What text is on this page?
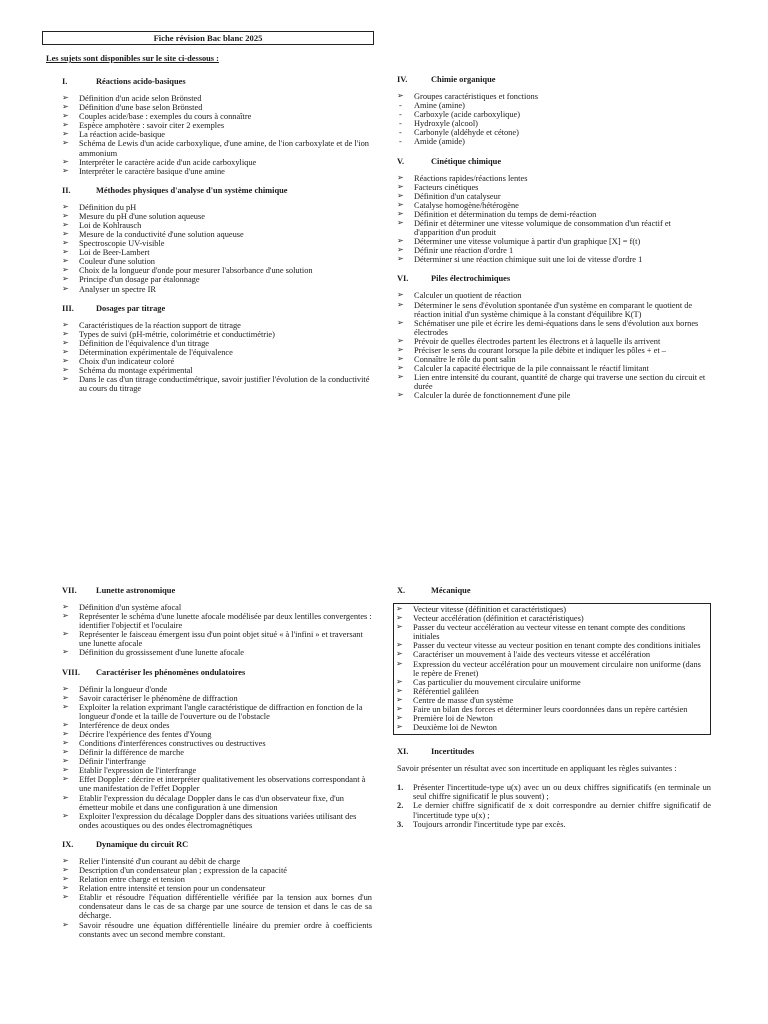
Fiche révision Bac blanc 2025
Les sujets sont disponibles sur le site ci-dessous :
I.	Réactions acido-basiques
➢ Définition d'un acide selon Brönsted
➢ Définition d'une base selon Brönsted
➢ Couples acide/base : exemples du cours à connaître
➢ Espèce amphotère : savoir citer 2 exemples
➢ La réaction acide-basique
➢ Schéma de Lewis d'un acide carboxylique, d'une amine, de l'ion carboxylate et de l'ion ammonium
➢ Interpréter le caractère acide d'un acide carboxylique
➢ Interpréter le caractère basique d'une amine
II.	Méthodes physiques d'analyse d'un système chimique
➢ Définition du pH
➢ Mesure du pH d'une solution aqueuse
➢ Loi de Kohlrausch
➢ Mesure de la conductivité d'une solution aqueuse
➢ Spectroscopie UV-visible
➢ Loi de Beer-Lambert
➢ Couleur d'une solution
➢ Choix de la longueur d'onde pour mesurer l'absorbance d'une solution
➢ Principe d'un dosage par étalonnage
➢ Analyser un spectre IR
III.	Dosages par titrage
➢ Caractéristiques de la réaction support de titrage
➢ Types de suivi (pH-métrie, colorimétrie et conductimétrie)
➢ Définition de l'équivalence d'un titrage
➢ Détermination expérimentale de l'équivalence
➢ Choix d'un indicateur coloré
➢ Schéma du montage expérimental
➢ Dans le cas d'un titrage conductimétrique, savoir justifier l'évolution de la conductivité au cours du titrage
IV.	Chimie organique
➢ Groupes caractéristiques et fonctions
- Amine (amine)
- Carboxyle (acide carboxylique)
- Hydroxyle (alcool)
- Carbonyle (aldéhyde et cétone)
- Amide (amide)
V.	Cinétique chimique
➢ Réactions rapides/réactions lentes
➢ Facteurs cinétiques
➢ Définition d'un catalyseur
➢ Catalyse homogène/hétérogène
➢ Définition et détermination du temps de demi-réaction
➢ Définir et déterminer une vitesse volumique de consommation d'un réactif et d'apparition d'un produit
➢ Déterminer une vitesse volumique à partir d'un graphique [X] = f(t)
➢ Définir une réaction d'ordre 1
➢ Déterminer si une réaction chimique suit une loi de vitesse d'ordre 1
VI.	Piles électrochimiques
➢ Calculer un quotient de réaction
➢ Déterminer le sens d'évolution spontanée d'un système en comparant le quotient de réaction initial d'un système chimique à la constant d'équilibre K(T)
➢ Schématiser une pile et écrire les demi-équations dans le sens d'évolution aux bornes électrodes
➢ Prévoir de quelles électrodes partent les électrons et à laquelle ils arrivent
➢ Préciser le sens du courant lorsque la pile débite et indiquer les pôles + et –
➢ Connaître le rôle du pont salin
➢ Calculer la capacité électrique de la pile connaissant le réactif limitant
➢ Lien entre intensité du courant, quantité de charge qui traverse une section du circuit et durée
➢ Calculer la durée de fonctionnement d'une pile
VII.	Lunette astronomique
➢ Définition d'un système afocal
➢ Représenter le schéma d'une lunette afocale modélisée par deux lentilles convergentes : identifier l'objectif et l'oculaire
➢ Représenter le faisceau émergent issu d'un point objet situé « à l'infini » et traversant une lunette afocale
➢ Définition du grossissement d'une lunette afocale
VIII.	Caractériser les phénomènes ondulatoires
➢ Définir la longueur d'onde
➢ Savoir caractériser le phénomène de diffraction
➢ Exploiter la relation exprimant l'angle caractéristique de diffraction en fonction de la longueur d'onde et la taille de l'ouverture ou de l'obstacle
➢ Interférence de deux ondes
➢ Décrire l'expérience des fentes d'Young
➢ Conditions d'interférences constructives ou destructives
➢ Définir la différence de marche
➢ Définir l'interfrange
➢ Etablir l'expression de l'interfrange
➢ Effet Doppler : décrire et interpréter qualitativement les observations correspondant à une manifestation de l'effet Doppler
➢ Etablir l'expression du décalage Doppler dans le cas d'un observateur fixe, d'un émetteur mobile et dans une configuration à une dimension
➢ Exploiter l'expression du décalage Doppler dans des situations variées utilisant des ondes acoustiques ou des ondes électromagnétiques
IX.	Dynamique du circuit RC
➢ Relier l'intensité d'un courant au débit de charge
➢ Description d'un condensateur plan ; expression de la capacité
➢ Relation entre charge et tension
➢ Relation entre intensité et tension pour un condensateur
➢ Etablir et résoudre l'équation différentielle vérifiée par la tension aux bornes d'un condensateur dans le cas de sa charge par une source de tension et dans le cas de sa décharge.
➢ Savoir résoudre une équation différentielle linéaire du premier ordre à coefficients constants avec un second membre constant.
X.	Mécanique
➢ Vecteur vitesse (définition et caractéristiques)
➢ Vecteur accélération (définition et caractéristiques)
➢ Passer du vecteur accélération au vecteur vitesse en tenant compte des conditions initiales
➢ Passer du vecteur vitesse au vecteur position en tenant compte des conditions initiales
➢ Caractériser un mouvement à l'aide des vecteurs vitesse et accélération
➢ Expression du vecteur accélération pour un mouvement circulaire non uniforme (dans le repère de Frenet)
➢ Cas particulier du mouvement circulaire uniforme
➢ Référentiel galiléen
➢ Centre de masse d'un système
➢ Faire un bilan des forces et déterminer leurs coordonnées dans un repère cartésien
➢ Première loi de Newton
➢ Deuxième loi de Newton
XI.	Incertitudes
Savoir présenter un résultat avec son incertitude en appliquant les règles suivantes :
1. Présenter l'incertitude-type u(x) avec un ou deux chiffres significatifs (en terminale un seul chiffre significatif le plus souvent) ;
2. Le dernier chiffre significatif de x doit correspondre au dernier chiffre significatif de l'incertitude type u(x) ;
3. Toujours arrondir l'incertitude type par excès.
